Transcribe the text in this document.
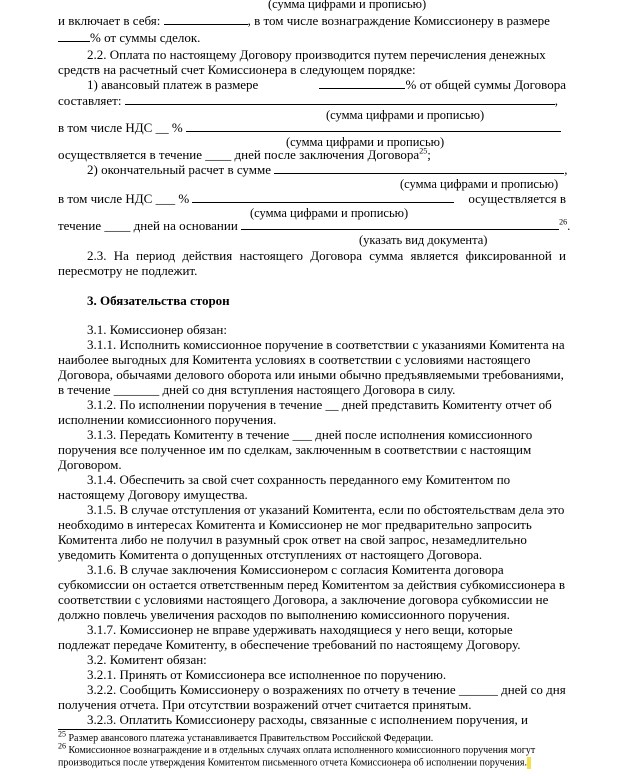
(сумма цифрами и прописью)
и включает в себя:	, в том числе вознаграждение Комиссионеру в размере
% от суммы сделок.
2.2. Оплата по настоящему Договору производится путем перечисления денежных
средств на расчетный счет Комиссионера в следующем порядке:
1) авансовый платеж в размере	% от общей суммы Договора
составляет:	,
(сумма цифрами и прописью)
в том числе НДС __ %
(сумма цифрами и прописью)
осуществляется в течение ____ дней после заключения Договора$^{25}$;
2) окончательный расчет в сумме	,
(сумма цифрами и прописью)
в том числе НДС ___ %	осуществляется в
(сумма цифрами и прописью)
течение ____ дней на основании	$^{26}$.
(указать вид документа)
2.3. На период действия настоящего Договора сумма является фиксированной и
пересмотру не подлежит.
3. Обязательства сторон
3.1. Комиссионер обязан:
3.1.1. Исполнить комиссионное поручение в соответствии с указаниями Комитента на
наиболее выгодных для Комитента условиях в соответствии с условиями настоящего
Договора, обычаями делового оборота или иными обычно предъявляемыми требованиями,
в течение _______ дней со дня вступления настоящего Договора в силу.
3.1.2. По исполнении поручения в течение __ дней представить Комитенту отчет об
исполнении комиссионного поручения.
3.1.3. Передать Комитенту в течение ___ дней после исполнения комиссионного
поручения все полученное им по сделкам, заключенным в соответствии с настоящим
Договором.
3.1.4. Обеспечить за свой счет сохранность переданного ему Комитентом по
настоящему Договору имущества.
3.1.5. В случае отступления от указаний Комитента, если по обстоятельствам дела это
необходимо в интересах Комитента и Комиссионер не мог предварительно запросить
Комитента либо не получил в разумный срок ответ на свой запрос, незамедлительно
уведомить Комитента о допущенных отступлениях от настоящего Договора.
3.1.6. В случае заключения Комиссионером с согласия Комитента договора
субкомиссии он остается ответственным перед Комитентом за действия субкомиссионера в
соответствии с условиями настоящего Договора, а заключение договора субкомиссии не
должно повлечь увеличения расходов по выполнению комиссионного поручения.
3.1.7. Комиссионер не вправе удерживать находящиеся у него вещи, которые
подлежат передаче Комитенту, в обеспечение требований по настоящему Договору.
3.2. Комитент обязан:
3.2.1. Принять от Комиссионера все исполненное по поручению.
3.2.2. Сообщить Комиссионеру о возражениях по отчету в течение ______ дней со дня
получения отчета. При отсутствии возражений отчет считается принятым.
3.2.3. Оплатить Комиссионеру расходы, связанные с исполнением поручения, и
$^{25}$ Размер авансового платежа устанавливается Правительством Российской Федерации.
$^{26}$ Комиссионное вознаграждение и в отдельных случаях оплата исполненного комиссионного поручения могут
производиться после утверждения Комитентом письменного отчета Комиссионера об исполнении поручения.
